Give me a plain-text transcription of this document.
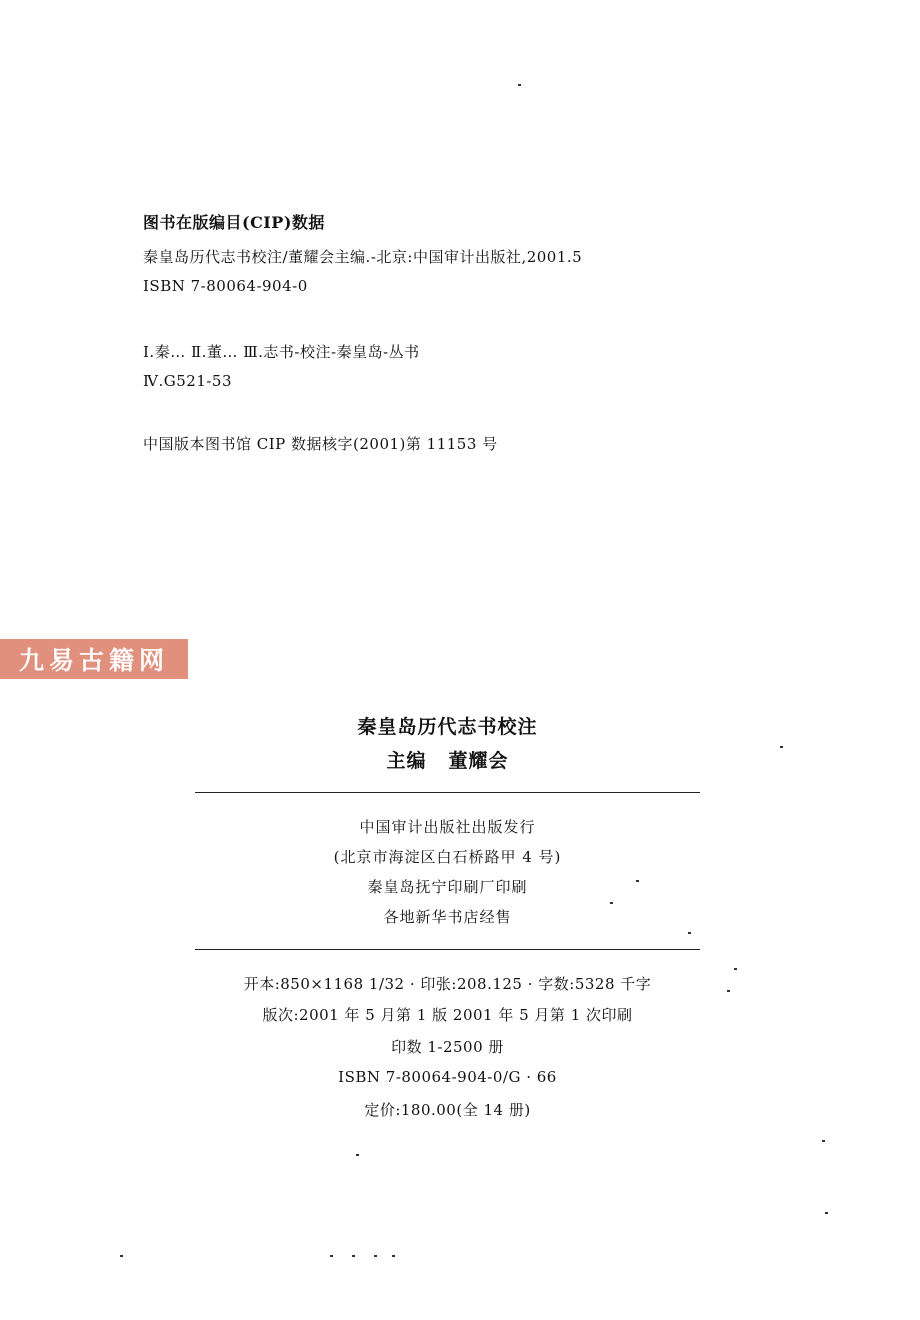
图书在版编目(CIP)数据
秦皇岛历代志书校注/董耀会主编.-北京:中国审计出版社,2001.5
ISBN 7-80064-904-0
Ⅰ.秦… Ⅱ.董… Ⅲ.志书-校注-秦皇岛-丛书
Ⅳ.G521-53
中国版本图书馆 CIP 数据核字(2001)第 11153 号
九易古籍网
秦皇岛历代志书校注
主编 董耀会
中国审计出版社出版发行
(北京市海淀区白石桥路甲 4 号)
秦皇岛抚宁印刷厂印刷
各地新华书店经售
开本:850×1168 1/32 · 印张:208.125 · 字数:5328 千字
版次:2001 年 5 月第 1 版 2001 年 5 月第 1 次印刷
印数 1-2500 册
ISBN 7-80064-904-0/G · 66
定价:180.00(全 14 册)
